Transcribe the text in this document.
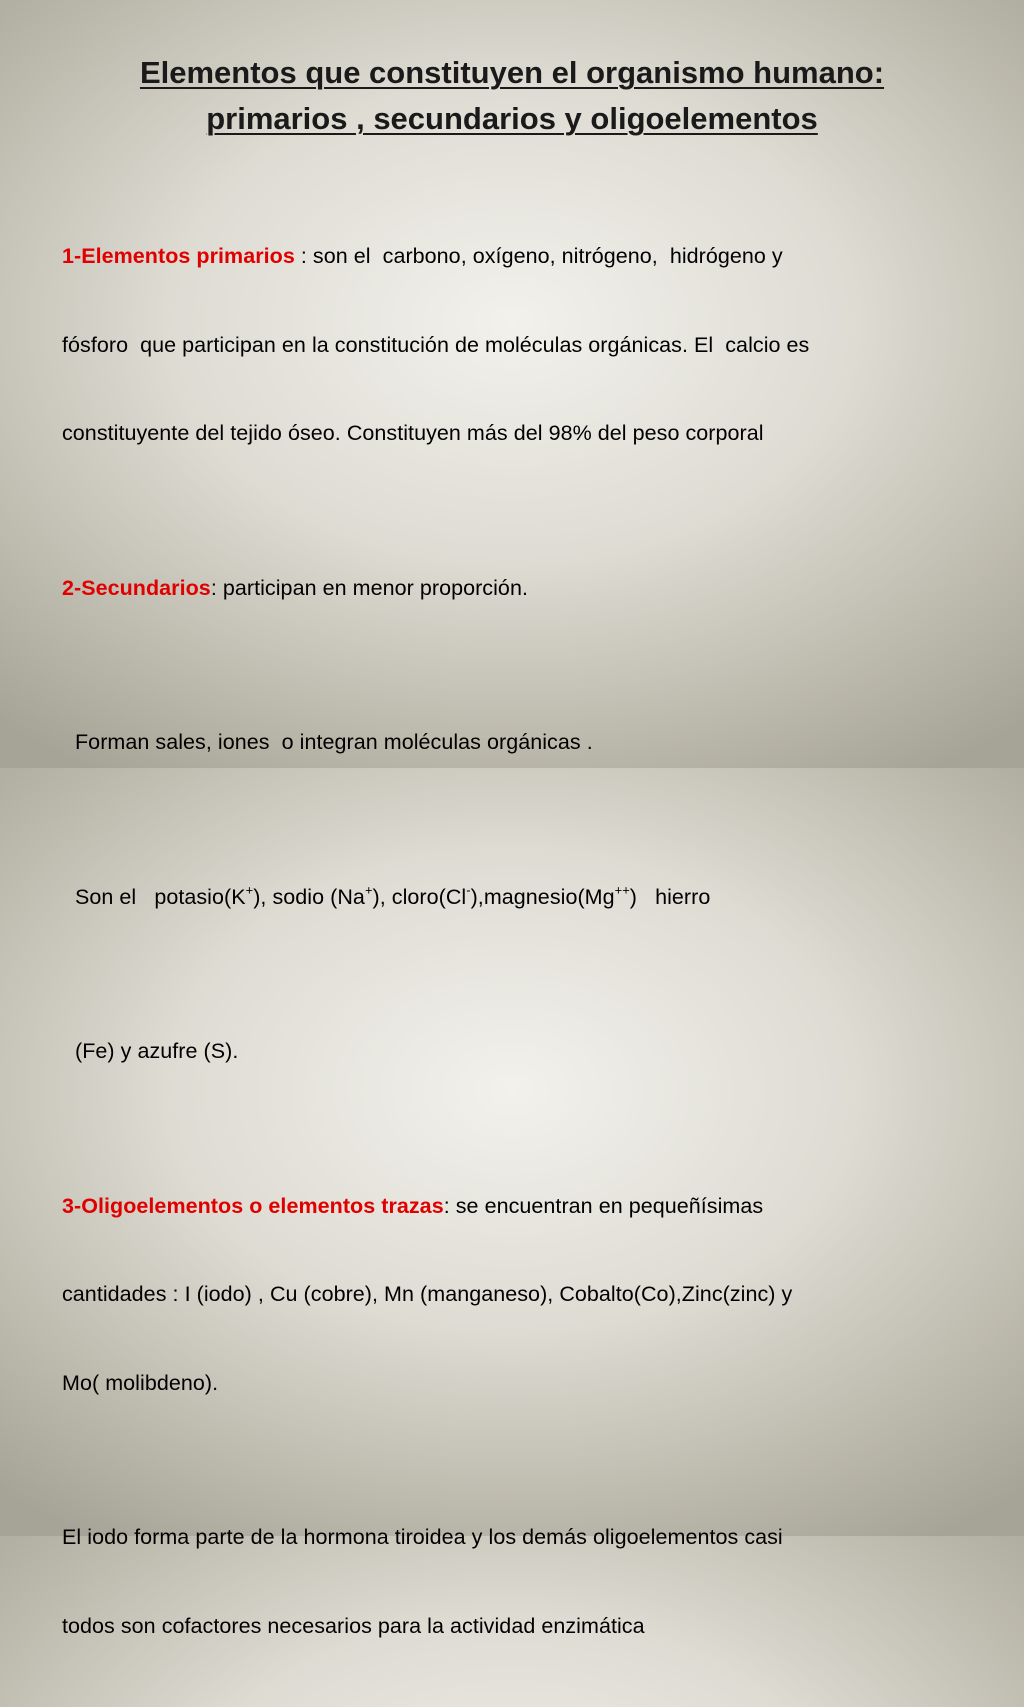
Elementos que constituyen el organismo humano:
primarios , secundarios y oligoelementos

1-Elementos primarios : son el  carbono, oxígeno, nitrógeno,  hidrógeno y

fósforo  que participan en la constitución de moléculas orgánicas. El  calcio es

constituyente del tejido óseo. Constituyen más del 98% del peso corporal

2-Secundarios: participan en menor proporción.

Forman sales, iones  o integran moléculas orgánicas .

Son el   potasio(K+), sodio (Na+), cloro(Cl-),magnesio(Mg++)   hierro

(Fe) y azufre (S).

3-Oligoelementos o elementos trazas: se encuentran en pequeñísimas

cantidades : I (iodo) , Cu (cobre), Mn (manganeso), Cobalto(Co),Zinc(zinc) y

Mo( molibdeno).

El iodo forma parte de la hormona tiroidea y los demás oligoelementos casi

todos son cofactores necesarios para la actividad enzimática
